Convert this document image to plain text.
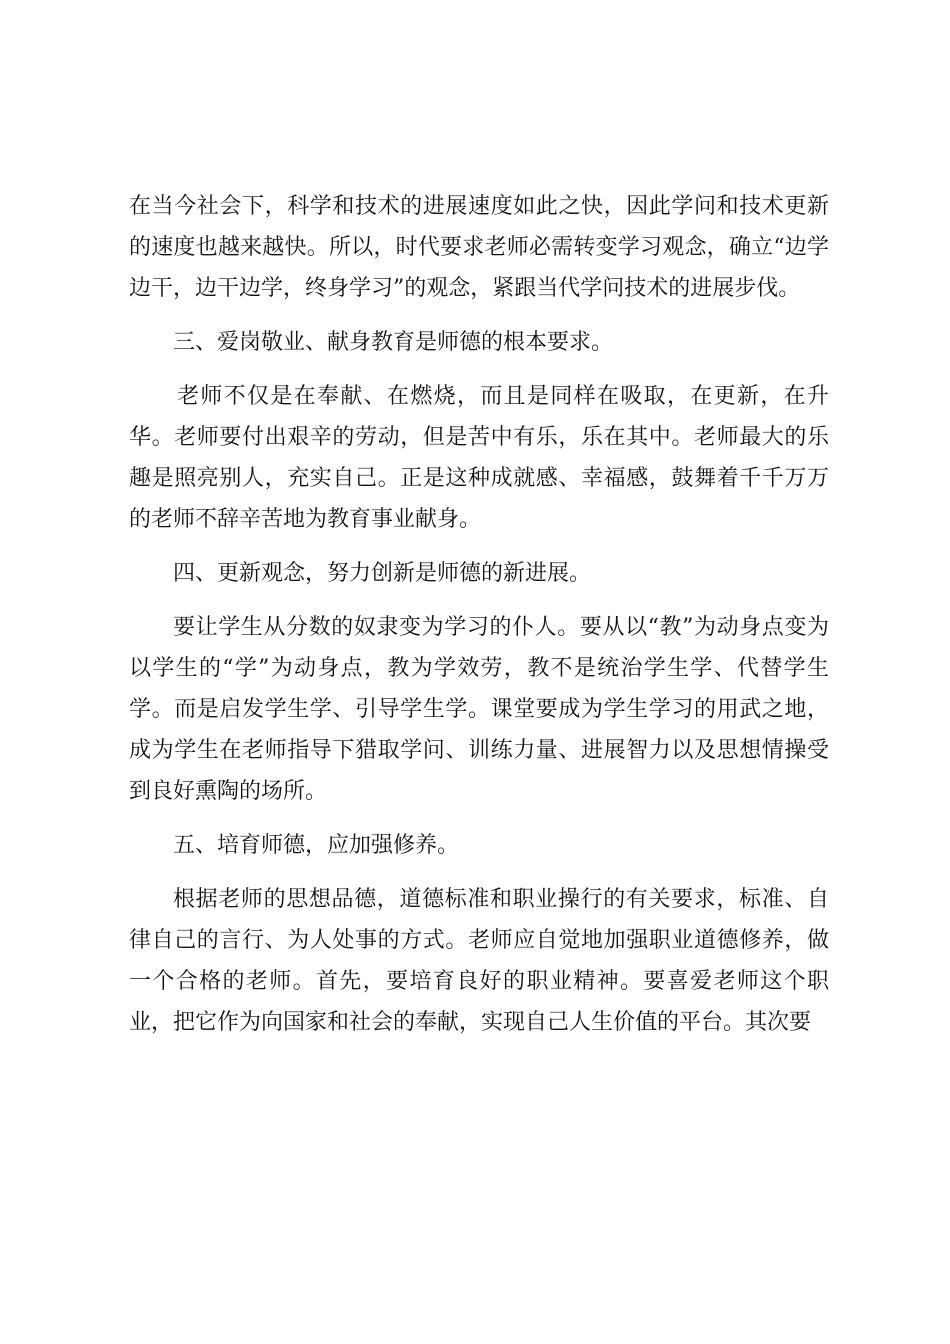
在当今社会下，科学和技术的进展速度如此之快，因此学问和技术更新的速度也越来越快。所以，时代要求老师必需转变学习观念，确立“边学边干，边干边学，终身学习”的观念，紧跟当代学问技术的进展步伐。

三、爱岗敬业、献身教育是师德的根本要求。

老师不仅是在奉献、在燃烧，而且是同样在吸取，在更新，在升华。老师要付出艰辛的劳动，但是苦中有乐，乐在其中。老师最大的乐趣是照亮别人，充实自己。正是这种成就感、幸福感，鼓舞着千千万万的老师不辞辛苦地为教育事业献身。

四、更新观念，努力创新是师德的新进展。

要让学生从分数的奴隶变为学习的仆人。要从以“教”为动身点变为以学生的“学”为动身点，教为学效劳，教不是统治学生学、代替学生学。而是启发学生学、引导学生学。课堂要成为学生学习的用武之地，成为学生在老师指导下猎取学问、训练力量、进展智力以及思想情操受到良好熏陶的场所。

五、培育师德，应加强修养。

根据老师的思想品德，道德标准和职业操行的有关要求，标准、自律自己的言行、为人处事的方式。老师应自觉地加强职业道德修养，做一个合格的老师。首先，要培育良好的职业精神。要喜爱老师这个职业，把它作为向国家和社会的奉献，实现自己人生价值的平台。其次要
